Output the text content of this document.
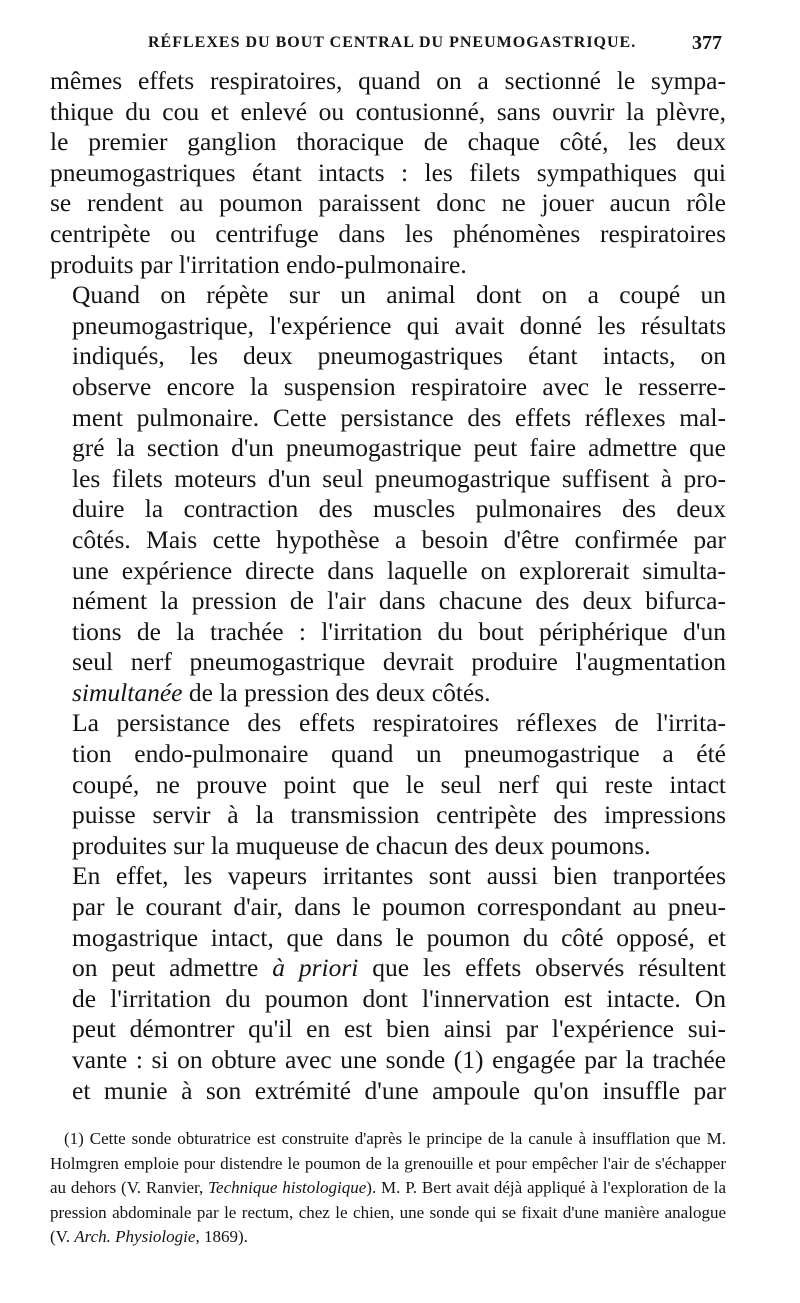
RÉFLEXES DU BOUT CENTRAL DU PNEUMOGASTRIQUE.	377

mêmes effets respiratoires, quand on a sectionné le sympa-
thique du cou et enlevé ou contusionné, sans ouvrir la plèvre,
le premier ganglion thoracique de chaque côté, les deux
pneumogastriques étant intacts : les filets sympathiques qui
se rendent au poumon paraissent donc ne jouer aucun rôle
centripète ou centrifuge dans les phénomènes respiratoires
produits par l'irritation endo-pulmonaire.

Quand on répète sur un animal dont on a coupé un
pneumogastrique, l'expérience qui avait donné les résultats
indiqués, les deux pneumogastriques étant intacts, on
observe encore la suspension respiratoire avec le resserre-
ment pulmonaire. Cette persistance des effets réflexes mal-
gré la section d'un pneumogastrique peut faire admettre que
les filets moteurs d'un seul pneumogastrique suffisent à pro-
duire la contraction des muscles pulmonaires des deux
côtés. Mais cette hypothèse a besoin d'être confirmée par
une expérience directe dans laquelle on explorerait simulta-
nément la pression de l'air dans chacune des deux bifurca-
tions de la trachée : l'irritation du bout périphérique d'un
seul nerf pneumogastrique devrait produire l'augmentation
simultanée de la pression des deux côtés.

La persistance des effets respiratoires réflexes de l'irrita-
tion endo-pulmonaire quand un pneumogastrique a été
coupé, ne prouve point que le seul nerf qui reste intact
puisse servir à la transmission centripète des impressions
produites sur la muqueuse de chacun des deux poumons.

En effet, les vapeurs irritantes sont aussi bien tranportées
par le courant d'air, dans le poumon correspondant au pneu-
mogastrique intact, que dans le poumon du côté opposé, et
on peut admettre à priori que les effets observés résultent
de l'irritation du poumon dont l'innervation est intacte. On
peut démontrer qu'il en est bien ainsi par l'expérience sui-
vante : si on obture avec une sonde (1) engagée par la trachée
et munie à son extrémité d'une ampoule qu'on insuffle par

(1) Cette sonde obturatrice est construite d'après le principe de la canule à insufflation que M. Holmgren emploie pour distendre le poumon de la grenouille et pour empêcher l'air de s'échapper au dehors (V. Ranvier, Technique histologique). M. P. Bert avait déjà appliqué à l'exploration de la pression abdominale par le rectum, chez le chien, une sonde qui se fixait d'une manière analogue (V. Arch. Physiologie, 1869).
